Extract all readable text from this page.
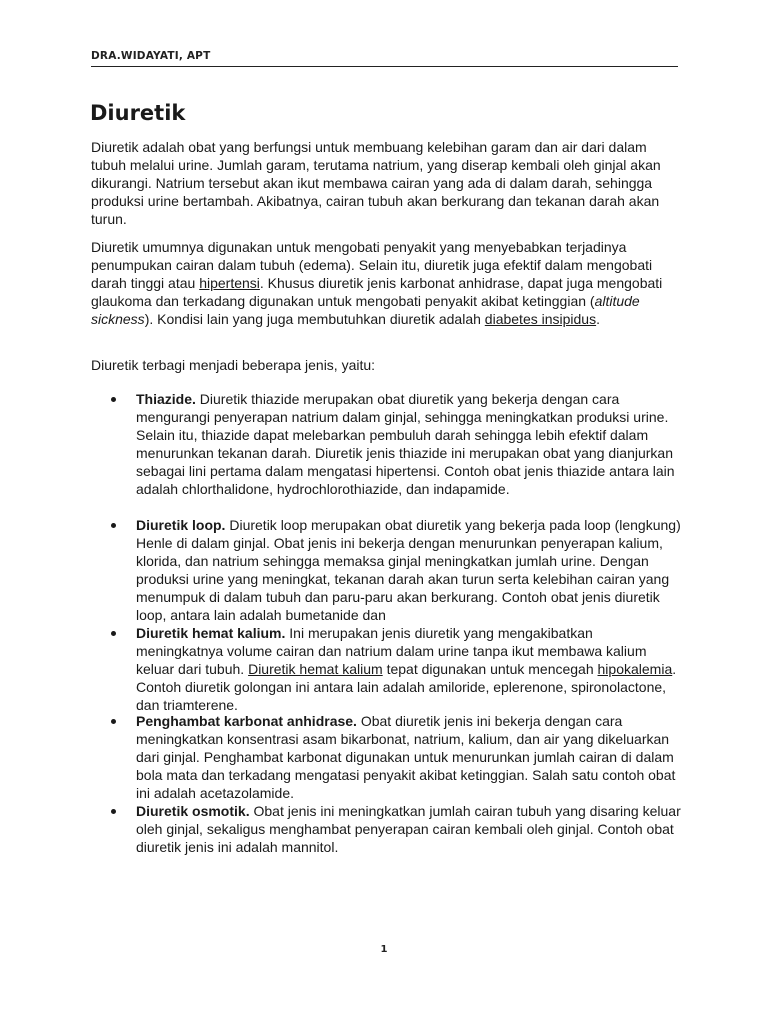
DRA.WIDAYATI, APT
Diuretik

Diuretik adalah obat yang berfungsi untuk membuang kelebihan garam dan air dari dalam tubuh melalui urine. Jumlah garam, terutama natrium, yang diserap kembali oleh ginjal akan dikurangi. Natrium tersebut akan ikut membawa cairan yang ada di dalam darah, sehingga produksi urine bertambah. Akibatnya, cairan tubuh akan berkurang dan tekanan darah akan turun.

Diuretik umumnya digunakan untuk mengobati penyakit yang menyebabkan terjadinya penumpukan cairan dalam tubuh (edema). Selain itu, diuretik juga efektif dalam mengobati darah tinggi atau hipertensi. Khusus diuretik jenis karbonat anhidrase, dapat juga mengobati glaukoma dan terkadang digunakan untuk mengobati penyakit akibat ketinggian (altitude sickness). Kondisi lain yang juga membutuhkan diuretik adalah diabetes insipidus.

Diuretik terbagi menjadi beberapa jenis, yaitu:

Thiazide. Diuretik thiazide merupakan obat diuretik yang bekerja dengan cara mengurangi penyerapan natrium dalam ginjal, sehingga meningkatkan produksi urine. Selain itu, thiazide dapat melebarkan pembuluh darah sehingga lebih efektif dalam menurunkan tekanan darah. Diuretik jenis thiazide ini merupakan obat yang dianjurkan sebagai lini pertama dalam mengatasi hipertensi. Contoh obat jenis thiazide antara lain adalah chlorthalidone, hydrochlorothiazide, dan indapamide.

Diuretik loop. Diuretik loop merupakan obat diuretik yang bekerja pada loop (lengkung) Henle di dalam ginjal. Obat jenis ini bekerja dengan menurunkan penyerapan kalium, klorida, dan natrium sehingga memaksa ginjal meningkatkan jumlah urine. Dengan produksi urine yang meningkat, tekanan darah akan turun serta kelebihan cairan yang menumpuk di dalam tubuh dan paru-paru akan berkurang. Contoh obat jenis diuretik loop, antara lain adalah bumetanide dan

Diuretik hemat kalium. Ini merupakan jenis diuretik yang mengakibatkan meningkatnya volume cairan dan natrium dalam urine tanpa ikut membawa kalium keluar dari tubuh. Diuretik hemat kalium tepat digunakan untuk mencegah hipokalemia. Contoh diuretik golongan ini antara lain adalah amiloride, eplerenone, spironolactone, dan triamterene.

Penghambat karbonat anhidrase. Obat diuretik jenis ini bekerja dengan cara meningkatkan konsentrasi asam bikarbonat, natrium, kalium, dan air yang dikeluarkan dari ginjal. Penghambat karbonat digunakan untuk menurunkan jumlah cairan di dalam bola mata dan terkadang mengatasi penyakit akibat ketinggian. Salah satu contoh obat ini adalah acetazolamide.

Diuretik osmotik. Obat jenis ini meningkatkan jumlah cairan tubuh yang disaring keluar oleh ginjal, sekaligus menghambat penyerapan cairan kembali oleh ginjal. Contoh obat diuretik jenis ini adalah mannitol.

1
